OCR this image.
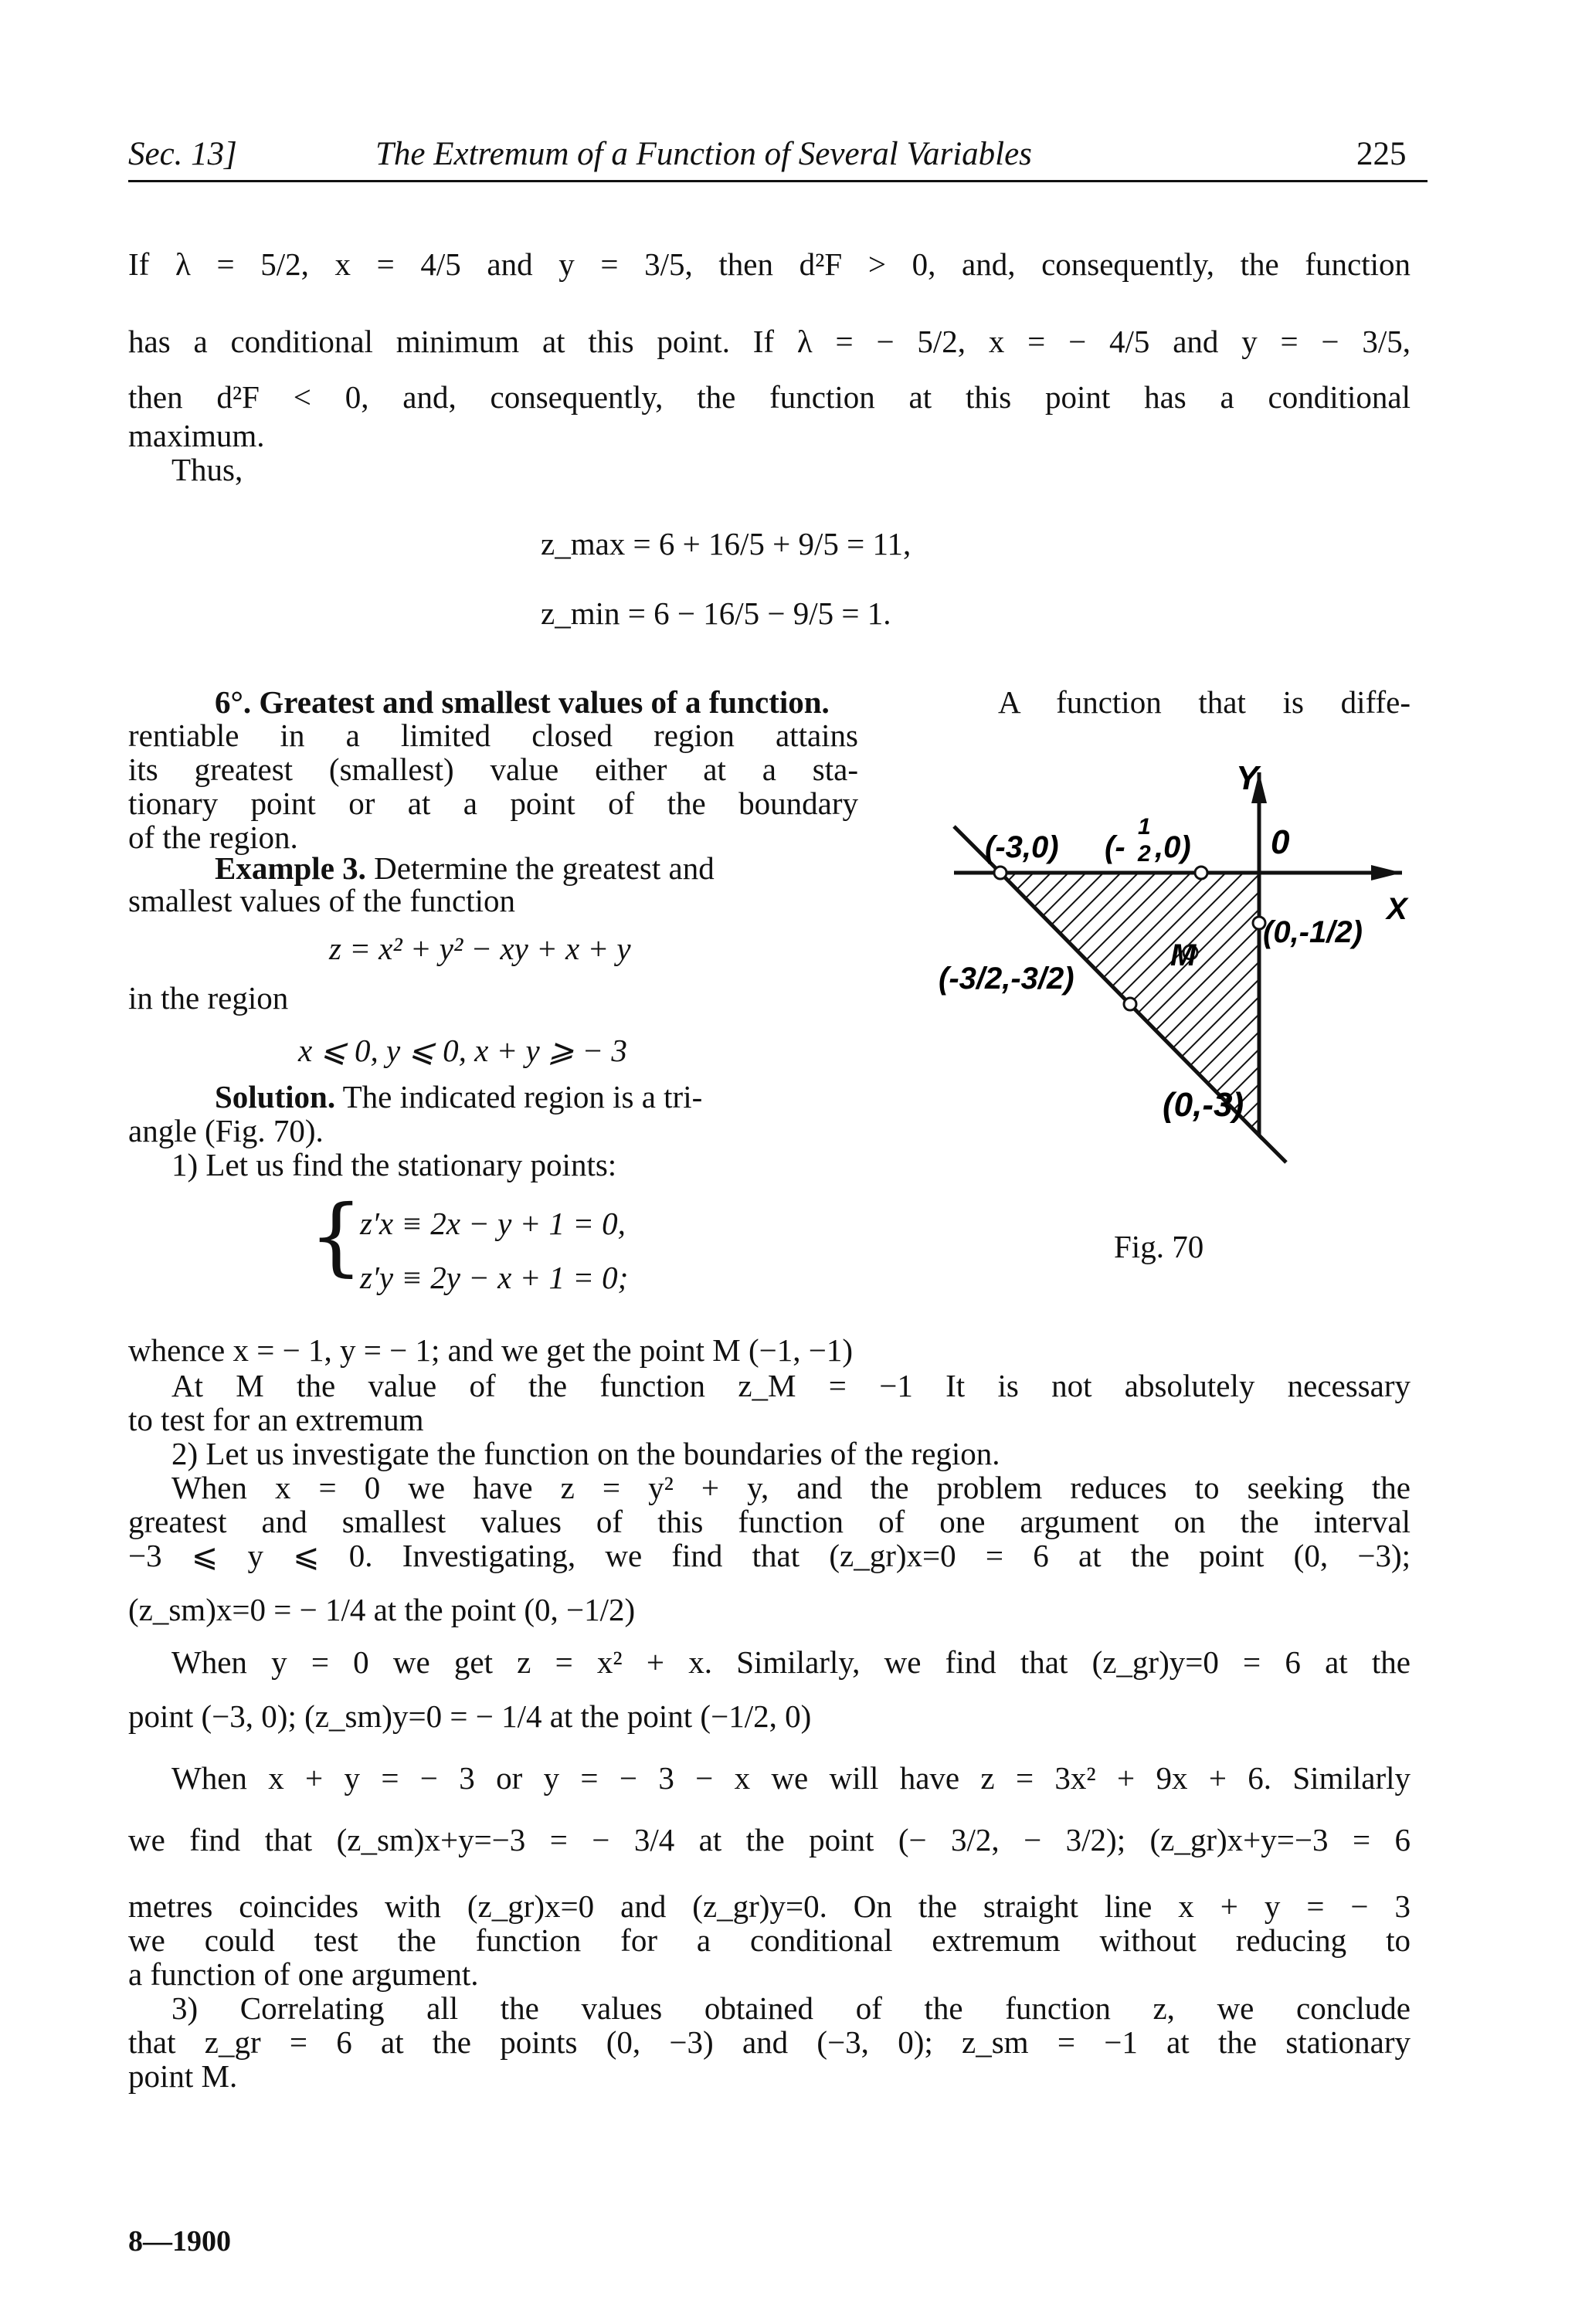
Sec. 13]	The Extremum of a Function of Several Variables	225
If λ = 5/2, x = 4/5 and y = 3/5, then d²F > 0, and, consequently, the function
has a conditional minimum at this point. If λ = − 5/2, x = − 4/5 and y = − 3/5,
then d²F < 0, and, consequently, the function at this point has a conditional
maximum.
Thus,
z_max = 6 + 16/5 + 9/5 = 11,
z_min = 6 − 16/5 − 9/5 = 1.
6°. Greatest and smallest values of a function.	A function that is diffe-
rentiable in a limited closed region attains
its greatest (smallest) value either at a sta-
tionary point or at a point of the boundary
of the region.
Example 3. Determine the greatest and
smallest values of the function
z = x² + y² − xy + x + y
in the region
x ⩽ 0, y ⩽ 0, x + y ⩾ − 3
Solution. The indicated region is a tri-
angle (Fig. 70).
1) Let us find the stationary points:
{
z′x ≡ 2x − y + 1 = 0,
z′y ≡ 2y − x + 1 = 0;
Y
X
0
(-3,0) (-
1
2 ,0)
(0,-1/2)
(-3/2,-3/2)
M
(0,-3)
Fig. 70
whence x = − 1, y = − 1; and we get the point M (−1, −1)
At M the value of the function z_M = −1 It is not absolutely necessary
to test for an extremum
2) Let us investigate the function on the boundaries of the region.
When x = 0 we have z = y² + y, and the problem reduces to seeking the
greatest and smallest values of this function of one argument on the interval
−3 ⩽ y ⩽ 0. Investigating, we find that (z_gr)x=0 = 6 at the point (0, −3);
(z_sm)x=0 = − 1/4 at the point (0, −1/2)
When y = 0 we get z = x² + x. Similarly, we find that (z_gr)y=0 = 6 at the
point (−3, 0); (z_sm)y=0 = − 1/4 at the point (−1/2, 0)
When x + y = − 3 or y = − 3 − x we will have z = 3x² + 9x + 6. Similarly
we find that (z_sm)x+y=−3 = − 3/4 at the point (− 3/2, − 3/2); (z_gr)x+y=−3 = 6
metres coincides with (z_gr)x=0 and (z_gr)y=0. On the straight line x + y = − 3
we could test the function for a conditional extremum without reducing to
a function of one argument.
3) Correlating all the values obtained of the function z, we conclude
that z_gr = 6 at the points (0, −3) and (−3, 0); z_sm = −1 at the stationary
point M.
8—1900
